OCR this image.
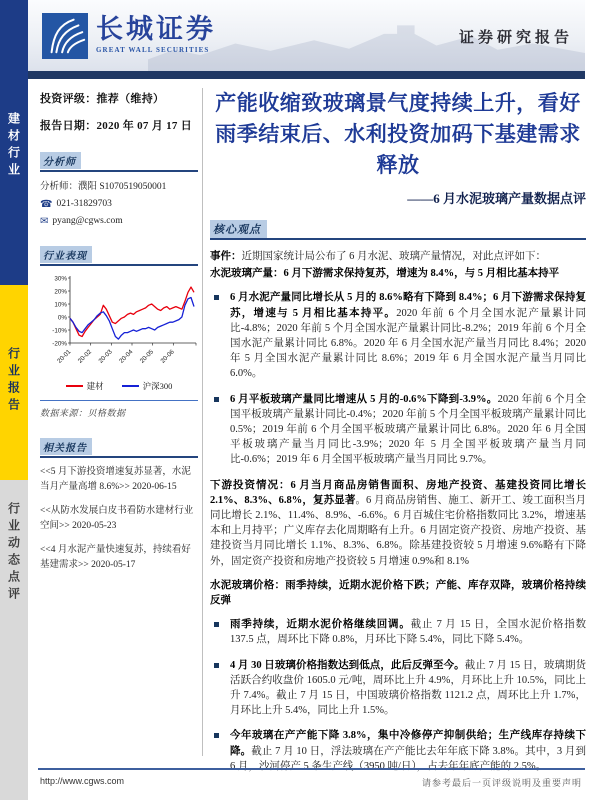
建材行业
行业报告
行业动态点评
长城证券
GREAT WALL SECURITIES
证券研究报告
投资评级：推荐（维持）
报告日期：2020 年 07 月 17 日
分析师
分析师：濮阳 S1070519050001
☎ 021-31829703
✉ pyang@cgws.com
行业表现
30%
20%
10%
0%
-10%
-20%
20-01 20-02 20-03 20-04 20-05 20-06
建材	沪深300
数据来源：贝格数据
相关报告
<<5 月下游投资增速复苏显著，水泥当月产量高增 8.6%>> 2020-06-15
<<从防水发展白皮书看防水建材行业空间>> 2020-05-23
<<4 月水泥产量快速复苏，持续看好基建需求>> 2020-05-17
产能收缩致玻璃景气度持续上升，看好雨季结束后、水利投资加码下基建需求释放
——6 月水泥玻璃产量数据点评
核心观点

事件：近期国家统计局公布了 6 月水泥、玻璃产量情况，对此点评如下：

水泥玻璃产量：6 月下游需求保持复苏，增速为 8.4%，与 5 月相比基本持平

6 月水泥产量同比增长从 5 月的 8.6%略有下降到 8.4%；6 月下游需求保持复苏，增速与 5 月相比基本持平。2020 年前 6 个月全国水泥产量累计同比-4.8%；2020 年前 5 个月全国水泥产量累计同比-8.2%；2019 年前 6 个月全国水泥产量累计同比 6.8%。2020 年 6 月全国水泥产量当月同比 8.4%；2020 年 5 月全国水泥产量累计同比 8.6%；2019 年 6 月全国水泥产量当月同比 6.0%。

6 月平板玻璃产量同比增速从 5 月的-0.6%下降到-3.9%。2020 年前 6 个月全国平板玻璃产量累计同比-0.4%；2020 年前 5 个月全国平板玻璃产量累计同比 0.5%；2019 年前 6 个月全国平板玻璃产量累计同比 6.8%。2020 年 6 月全国平板玻璃产量当月同比-3.9%；2020 年 5 月全国平板玻璃产量当月同比-0.6%；2019 年 6 月全国平板玻璃产量当月同比 9.7%。

下游投资情况：6 月当月商品房销售面积、房地产投资、基建投资同比增长 2.1%、8.3%、6.8%，复苏显著。6 月商品房销售、施工、新开工、竣工面积当月同比增长 2.1%、11.4%、8.9%、-6.6%。6 月百城住宅价格指数同比 3.2%，增速基本和上月持平；广义库存去化周期略有上升。6 月固定资产投资、房地产投资、基建投资当月同比增长 1.1%、8.3%、6.8%。除基建投资较 5 月增速 9.6%略有下降外，固定资产投资和房地产投资较 5 月增速 0.9%和 8.1%

水泥玻璃价格：雨季持续，近期水泥价格下跌；产能、库存双降，玻璃价格持续反弹

雨季持续，近期水泥价格继续回调。截止 7 月 15 日，全国水泥价格指数 137.5 点，周环比下降 0.8%，月环比下降 5.4%，同比下降 5.4%。

4 月 30 日玻璃价格指数达到低点，此后反弹至今。截止 7 月 15 日，玻璃期货活跃合约收盘价 1605.0 元/吨，周环比上升 4.9%，月环比上升 10.5%，同比上升 7.4%。截止 7 月 15 日，中国玻璃价格指数 1121.2 点，周环比上升 1.7%，月环比上升 5.4%，同比上升 1.5%。

今年玻璃在产产能下降 3.8%，集中冷修停产抑制供给；生产线库存持续下降。截止 7 月 10 日，浮法玻璃在产产能比去年年底下降 3.8%。其中，3 月到 6 月，沙河停产 5 条生产线（3950 吨/日），占去年年底产能的 2.5%。

http://www.cgws.com	请参考最后一页评级说明及重要声明
